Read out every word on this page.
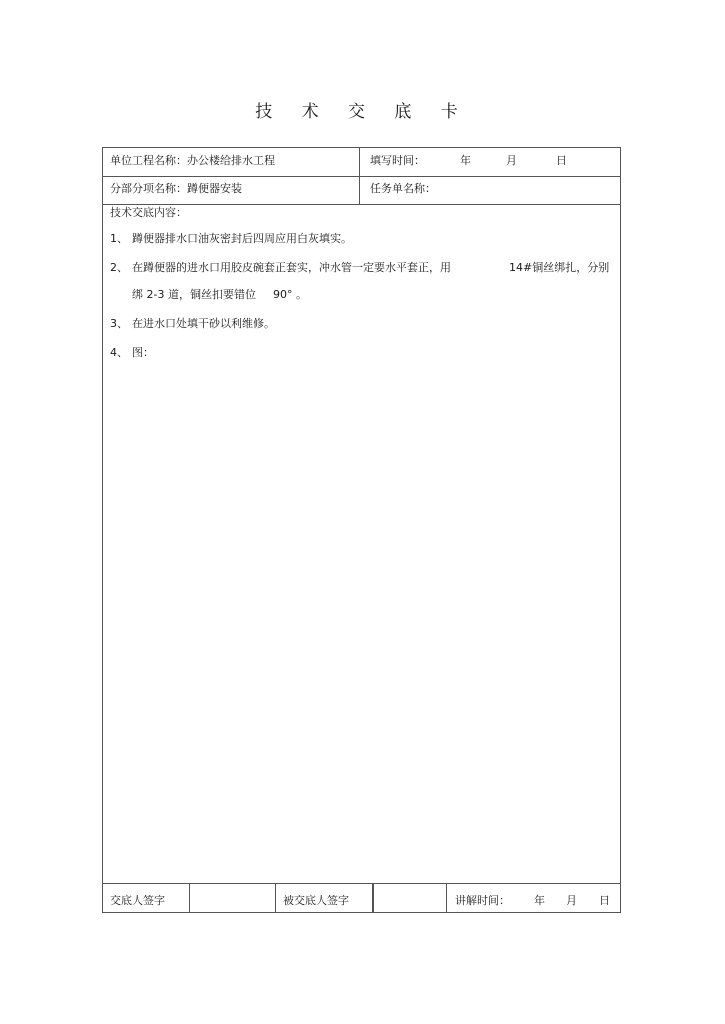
技 术 交 底 卡
单位工程名称：办公楼给排水工程	填写时间：	年	月	日
分部分项名称：蹲便器安装	任务单名称：
技术交底内容：
1、 蹲便器排水口油灰密封后四周应用白灰填实。
2、 在蹲便器的进水口用胶皮碗套正套实，冲水管一定要水平套正，用	14#铜丝绑扎，分别
绑 2-3 道，铜丝扣要错位 90° 。
3、 在进水口处填干砂以利维修。
4、 图：
交底人签字	被交底人签字	讲解时间： 年 月 日
